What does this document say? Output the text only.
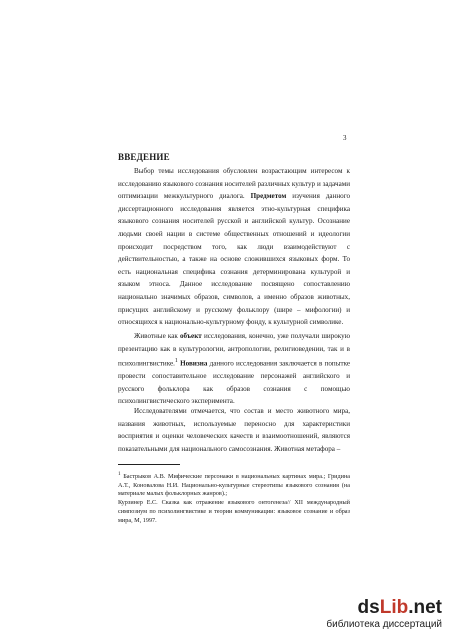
3
ВВЕДЕНИЕ

Выбор темы исследования обусловлен возрастающим интересом к исследованию языкового сознания носителей различных культур и задачами оптимизации межкультурного диалога. Предметом изучения данного диссертационного исследования является этно-культурная специфика языкового сознания носителей русской и английской культур. Осознание людьми своей нации в системе общественных отношений и идеологии происходит посредством того, как люди взаимодействуют с действительностью, а также на основе сложившихся языковых форм. То есть национальная специфика сознания детерминирована культурой и языком этноса. Данное исследование посвящено сопоставлению национально значимых образов, символов, а именно образов животных, присущих английскому и русскому фольклору (шире – мифологии) и относящихся к национально-культурному фонду, к культурной символике.

Животные как объект исследования, конечно, уже получали широкую презентацию как в культурологии, антропологии, религиоведении, так и в психолингвистике.$^1$ Новизна данного исследования заключается в попытке провести сопоставительное исследование персонажей английского и русского фольклора как образов сознания с помощью психолингвистического эксперимента.

Исследователями отмечается, что состав и место животного мира, названия животных, используемые переносно для характеристики восприятия и оценки человеческих качеств и взаимоотношений, являются показательными для национального самосознания. Животная метафора –

$^1$ Бастрыков А.В. Мифические персонажи в национальных картинах мира.; Гридина А.Т., Коновалова Н.И. Национально-культурные стереотипы языкового сознания (на материале малых фольклорных жанров).;

Курзинер Е.С. Сказка как отражение языкового онтогенеза// XII международный симпозиум по психолингвистике и теории коммуникации: языковое сознание и образ мира, М, 1997.

dsLib.net
библиотека диссертаций
